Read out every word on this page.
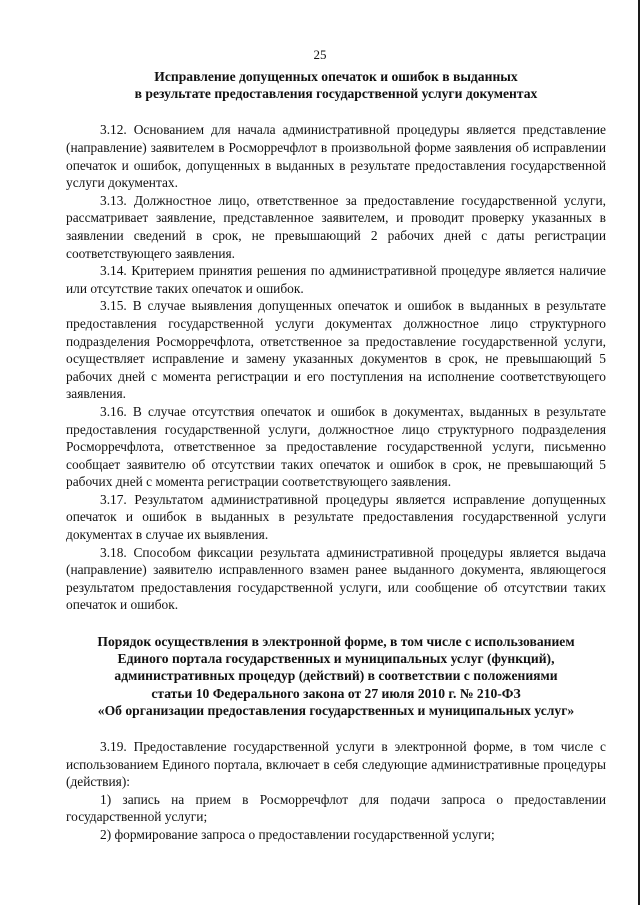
25
Исправление допущенных опечаток и ошибок в выданных
в результате предоставления государственной услуги документах

3.12. Основанием для начала административной процедуры является представление (направление) заявителем в Росморречфлот в произвольной форме заявления об исправлении опечаток и ошибок, допущенных в выданных в результате предоставления государственной услуги документах.

3.13. Должностное лицо, ответственное за предоставление государственной услуги, рассматривает заявление, представленное заявителем, и проводит проверку указанных в заявлении сведений в срок, не превышающий 2 рабочих дней с даты регистрации соответствующего заявления.

3.14. Критерием принятия решения по административной процедуре является наличие или отсутствие таких опечаток и ошибок.

3.15. В случае выявления допущенных опечаток и ошибок в выданных в результате предоставления государственной услуги документах должностное лицо структурного подразделения Росморречфлота, ответственное за предоставление государственной услуги, осуществляет исправление и замену указанных документов в срок, не превышающий 5 рабочих дней с момента регистрации и его поступления на исполнение соответствующего заявления.

3.16. В случае отсутствия опечаток и ошибок в документах, выданных в результате предоставления государственной услуги, должностное лицо структурного подразделения Росморречфлота, ответственное за предоставление государственной услуги, письменно сообщает заявителю об отсутствии таких опечаток и ошибок в срок, не превышающий 5 рабочих дней с момента регистрации соответствующего заявления.

3.17. Результатом административной процедуры является исправление допущенных опечаток и ошибок в выданных в результате предоставления государственной услуги документах в случае их выявления.

3.18. Способом фиксации результата административной процедуры является выдача (направление) заявителю исправленного взамен ранее выданного документа, являющегося результатом предоставления государственной услуги, или сообщение об отсутствии таких опечаток и ошибок.

Порядок осуществления в электронной форме, в том числе с использованием
Единого портала государственных и муниципальных услуг (функций),
административных процедур (действий) в соответствии с положениями
статьи 10 Федерального закона от 27 июля 2010 г. № 210-ФЗ
«Об организации предоставления государственных и муниципальных услуг»

3.19. Предоставление государственной услуги в электронной форме, в том числе с использованием Единого портала, включает в себя следующие административные процедуры (действия):

1) запись на прием в Росморречфлот для подачи запроса о предоставлении государственной услуги;

2) формирование запроса о предоставлении государственной услуги;
